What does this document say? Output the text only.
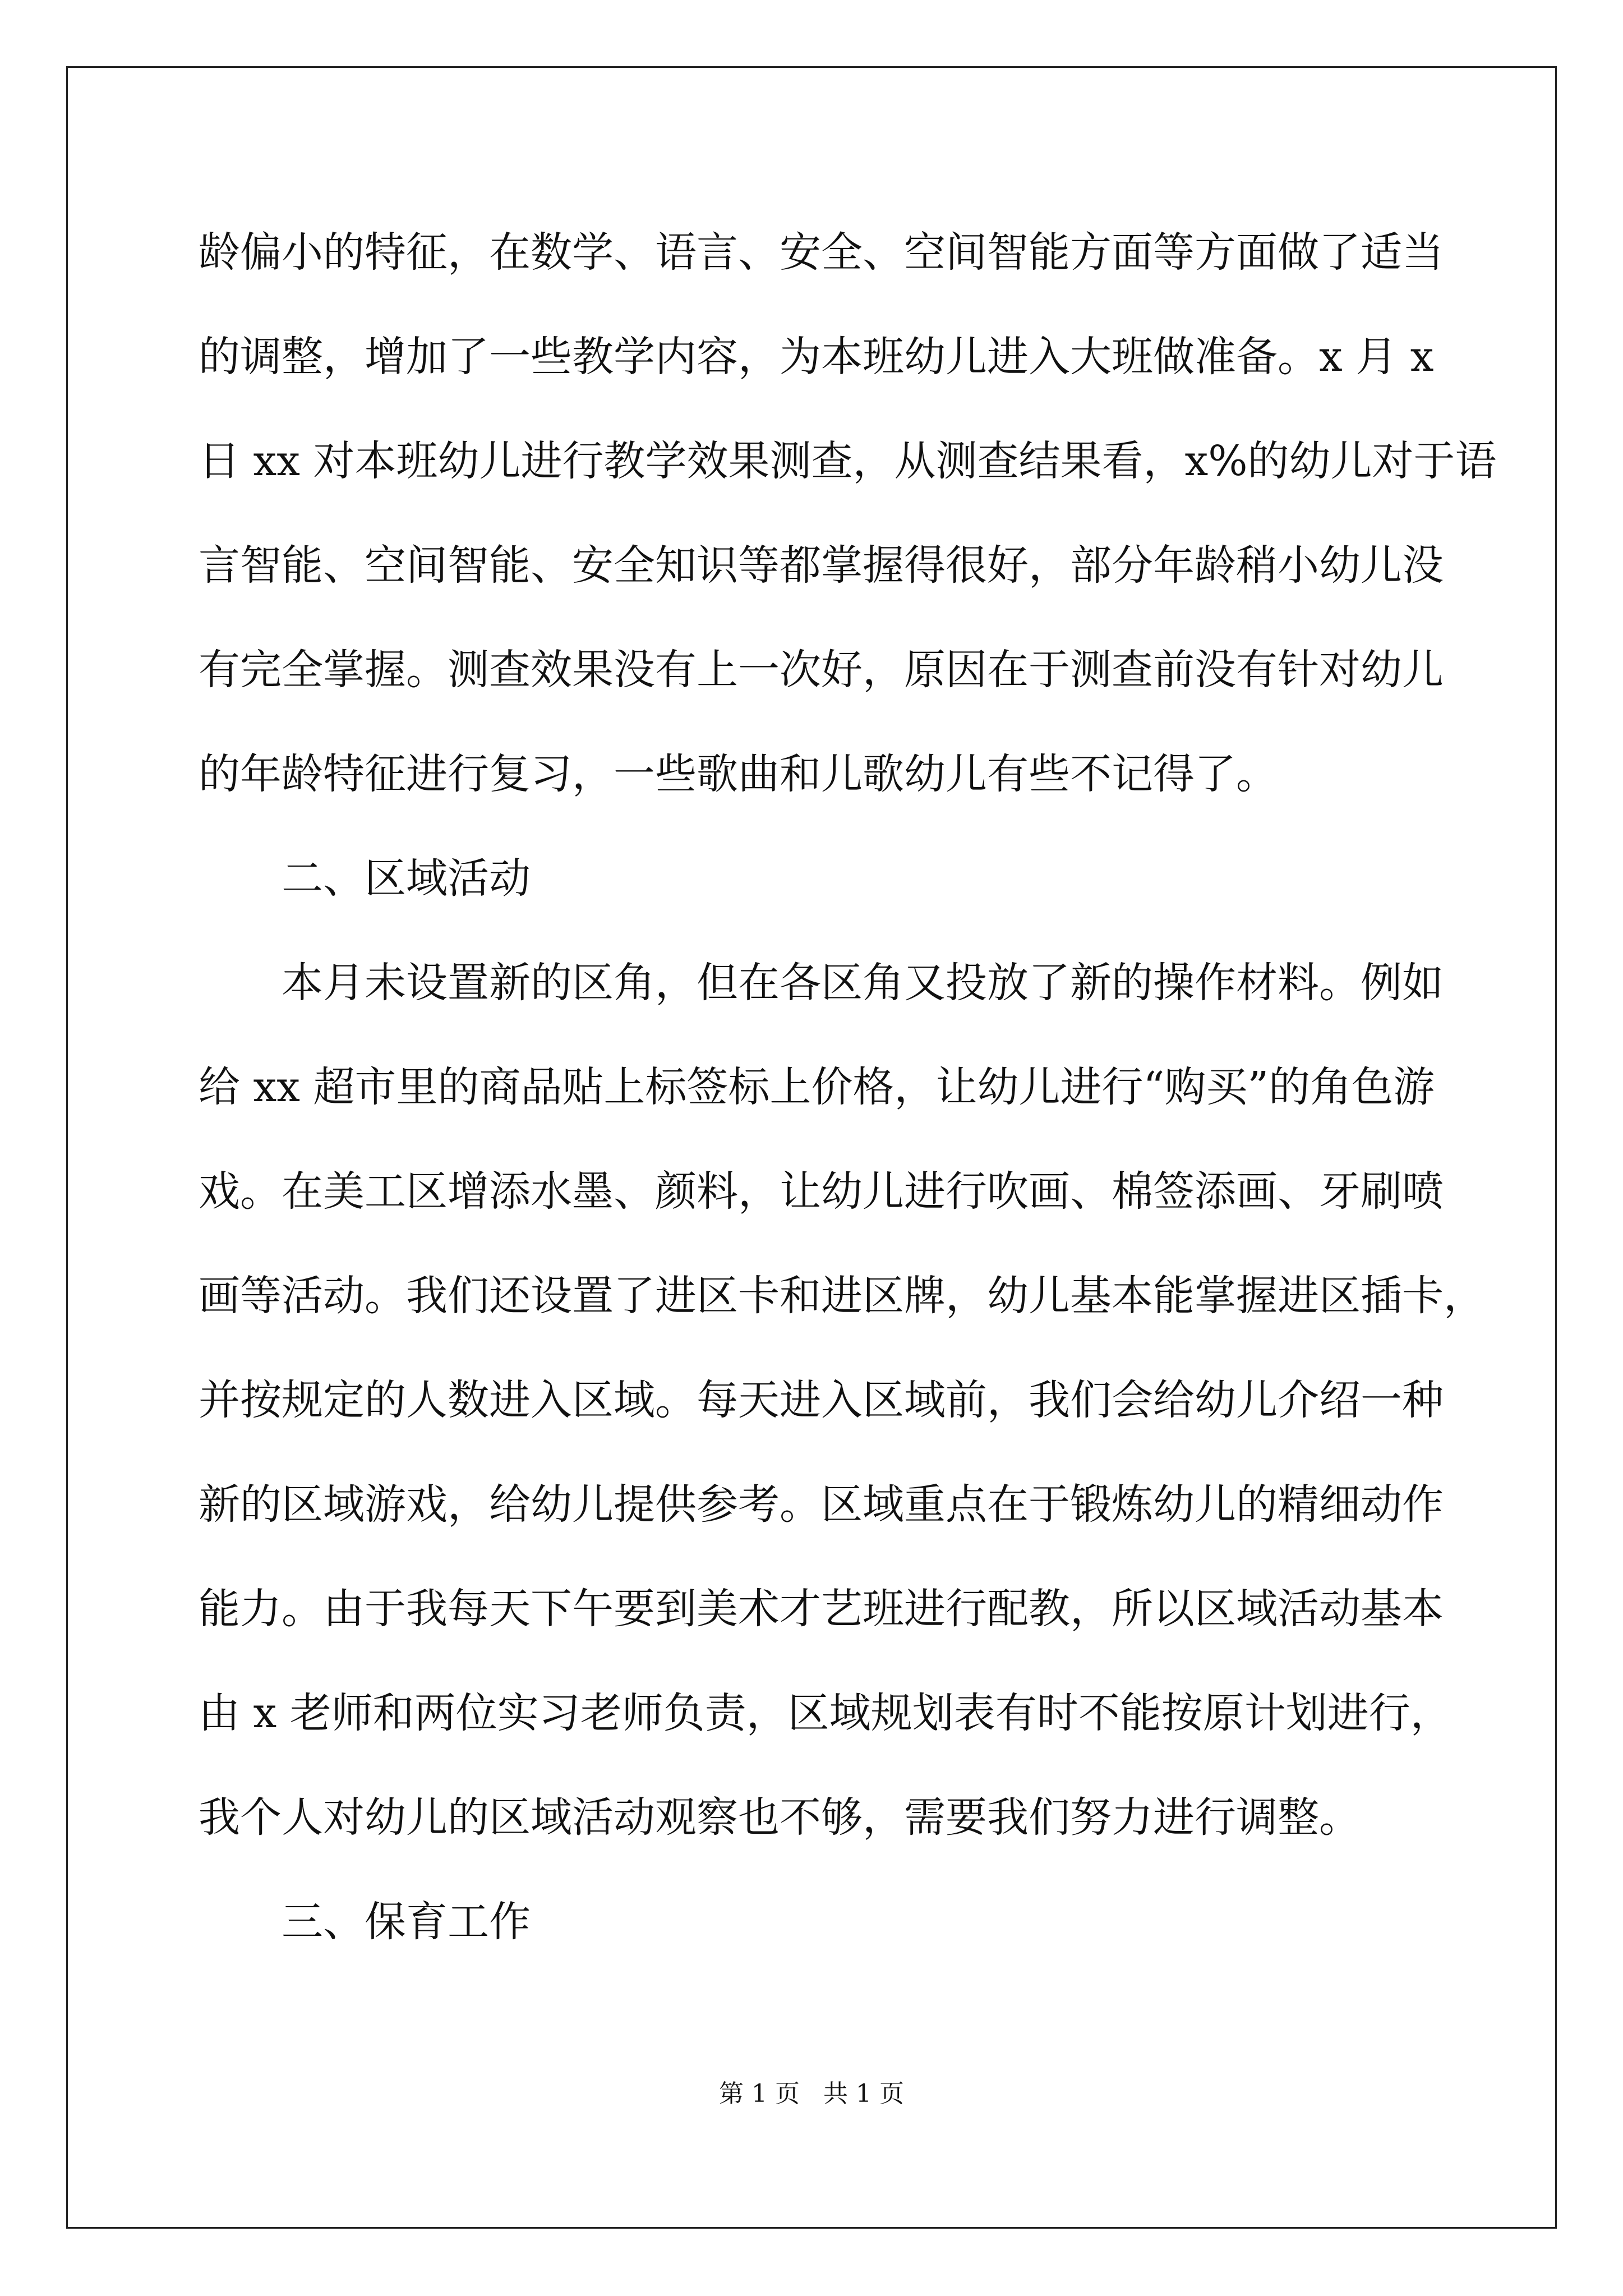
龄偏小的特征，在数学、语言、安全、空间智能方面等方面做了适当
的调整，增加了一些教学内容，为本班幼儿进入大班做准备。x 月 x
日 xx 对本班幼儿进行教学效果测查，从测查结果看，x%的幼儿对于语
言智能、空间智能、安全知识等都掌握得很好，部分年龄稍小幼儿没
有完全掌握。测查效果没有上一次好，原因在于测查前没有针对幼儿
的年龄特征进行复习，一些歌曲和儿歌幼儿有些不记得了。
二、区域活动
本月未设置新的区角，但在各区角又投放了新的操作材料。例如
给 xx 超市里的商品贴上标签标上价格，让幼儿进行“购买”的角色游
戏。在美工区增添水墨、颜料，让幼儿进行吹画、棉签添画、牙刷喷
画等活动。我们还设置了进区卡和进区牌，幼儿基本能掌握进区插卡，
并按规定的人数进入区域。每天进入区域前，我们会给幼儿介绍一种
新的区域游戏，给幼儿提供参考。区域重点在于锻炼幼儿的精细动作
能力。由于我每天下午要到美术才艺班进行配教，所以区域活动基本
由 x 老师和两位实习老师负责，区域规划表有时不能按原计划进行，
我个人对幼儿的区域活动观察也不够，需要我们努力进行调整。
三、保育工作
第 1 页   共 1 页
